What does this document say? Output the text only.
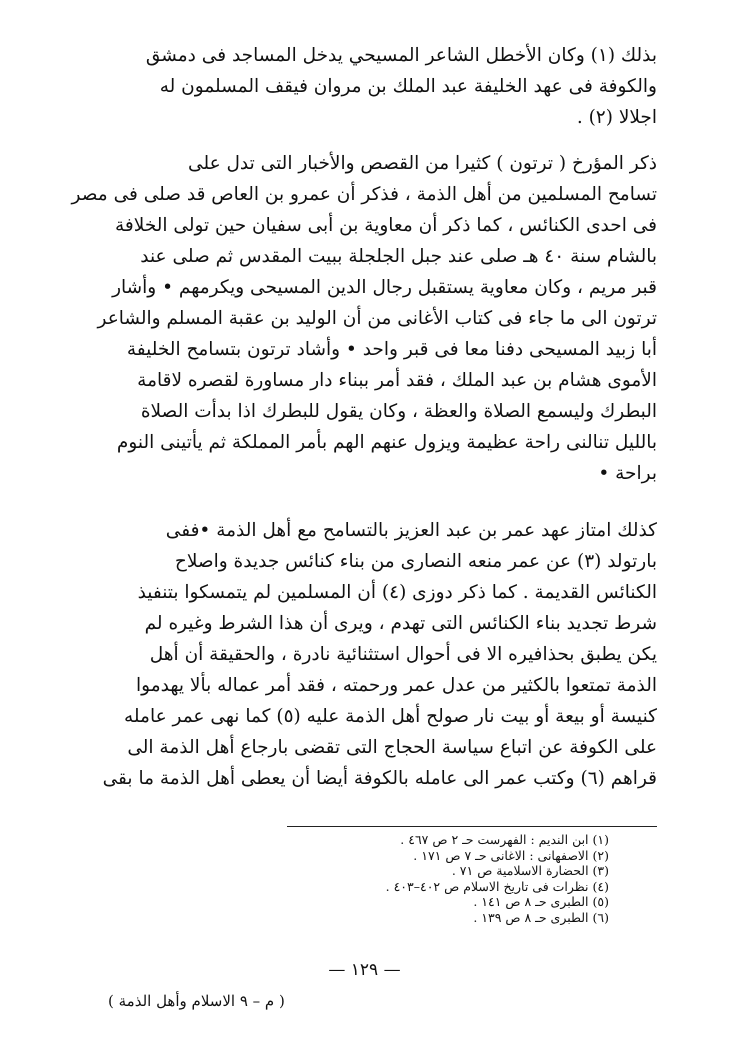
بذلك (١) وكان الأخطل الشاعر المسيحي يدخل المساجد فى دمشق
والكوفة فى عهد الخليفة عبد الملك بن مروان فيقف المسلمون له
اجلالا (٢) .
ذكر المؤرخ ( ترتون ) كثيرا من القصص والأخبار التى تدل على
تسامح المسلمين من أهل الذمة ، فذكر أن عمرو بن العاص قد صلى فى مصر
فى احدى الكنائس ، كما ذكر أن معاوية بن أبى سفيان حين تولى الخلافة
بالشام سنة ٤٠ هـ صلى عند جبل الجلجلة ببيت المقدس ثم صلى عند
قبر مريم ، وكان معاوية يستقبل رجال الدين المسيحى ويكرمهم • وأشار
ترتون الى ما جاء فى كتاب الأغانى من أن الوليد بن عقبة المسلم والشاعر
أبا زبيد المسيحى دفنا معا فى قبر واحد • وأشاد ترتون بتسامح الخليفة
الأموى هشام بن عبد الملك ، فقد أمر ببناء دار مساورة لقصره لاقامة
البطرك وليسمع الصلاة والعظة ، وكان يقول للبطرك اذا بدأت الصلاة
بالليل تنالنى راحة عظيمة ويزول عنهم الهم بأمر المملكة ثم يأتينى النوم
براحة •
كذلك امتاز عهد عمر بن عبد العزيز بالتسامح مع أهل الذمة •ففى
بارتولد (٣) عن عمر منعه النصارى من بناء كنائس جديدة واصلاح
الكنائس القديمة . كما ذكر دوزى (٤) أن المسلمين لم يتمسكوا بتنفيذ
شرط تجديد بناء الكنائس التى تهدم ، ويرى أن هذا الشرط وغيره لم
يكن يطبق بحذافيره الا فى أحوال استثنائية نادرة ، والحقيقة أن أهل
الذمة تمتعوا بالكثير من عدل عمر ورحمته ، فقد أمر عماله بألا يهدموا
كنيسة أو بيعة أو بيت نار صولح أهل الذمة عليه (٥) كما نهى عمر عامله
على الكوفة عن اتباع سياسة الحجاج التى تقضى بارجاع أهل الذمة الى
قراهم (٦) وكتب عمر الى عامله بالكوفة أيضا أن يعطى أهل الذمة ما بقى
(١) ابن النديم : الفهرست حـ ٢ ص ٤٦٧ .
(٢) الاصفهانى : الاغانى حـ ٧ ص ١٧١ .
(٣) الحضارة الاسلامية ص ٧١ .
(٤) نظرات فى تاريخ الاسلام ص ٤٠٢–٤٠٣ .
(٥) الطبرى حـ ٨ ص ١٤١ .
(٦) الطبرى حـ ٨ ص ١٣٩ .
— ١٢٩ —
( م – ٩ الاسلام وأهل الذمة )
